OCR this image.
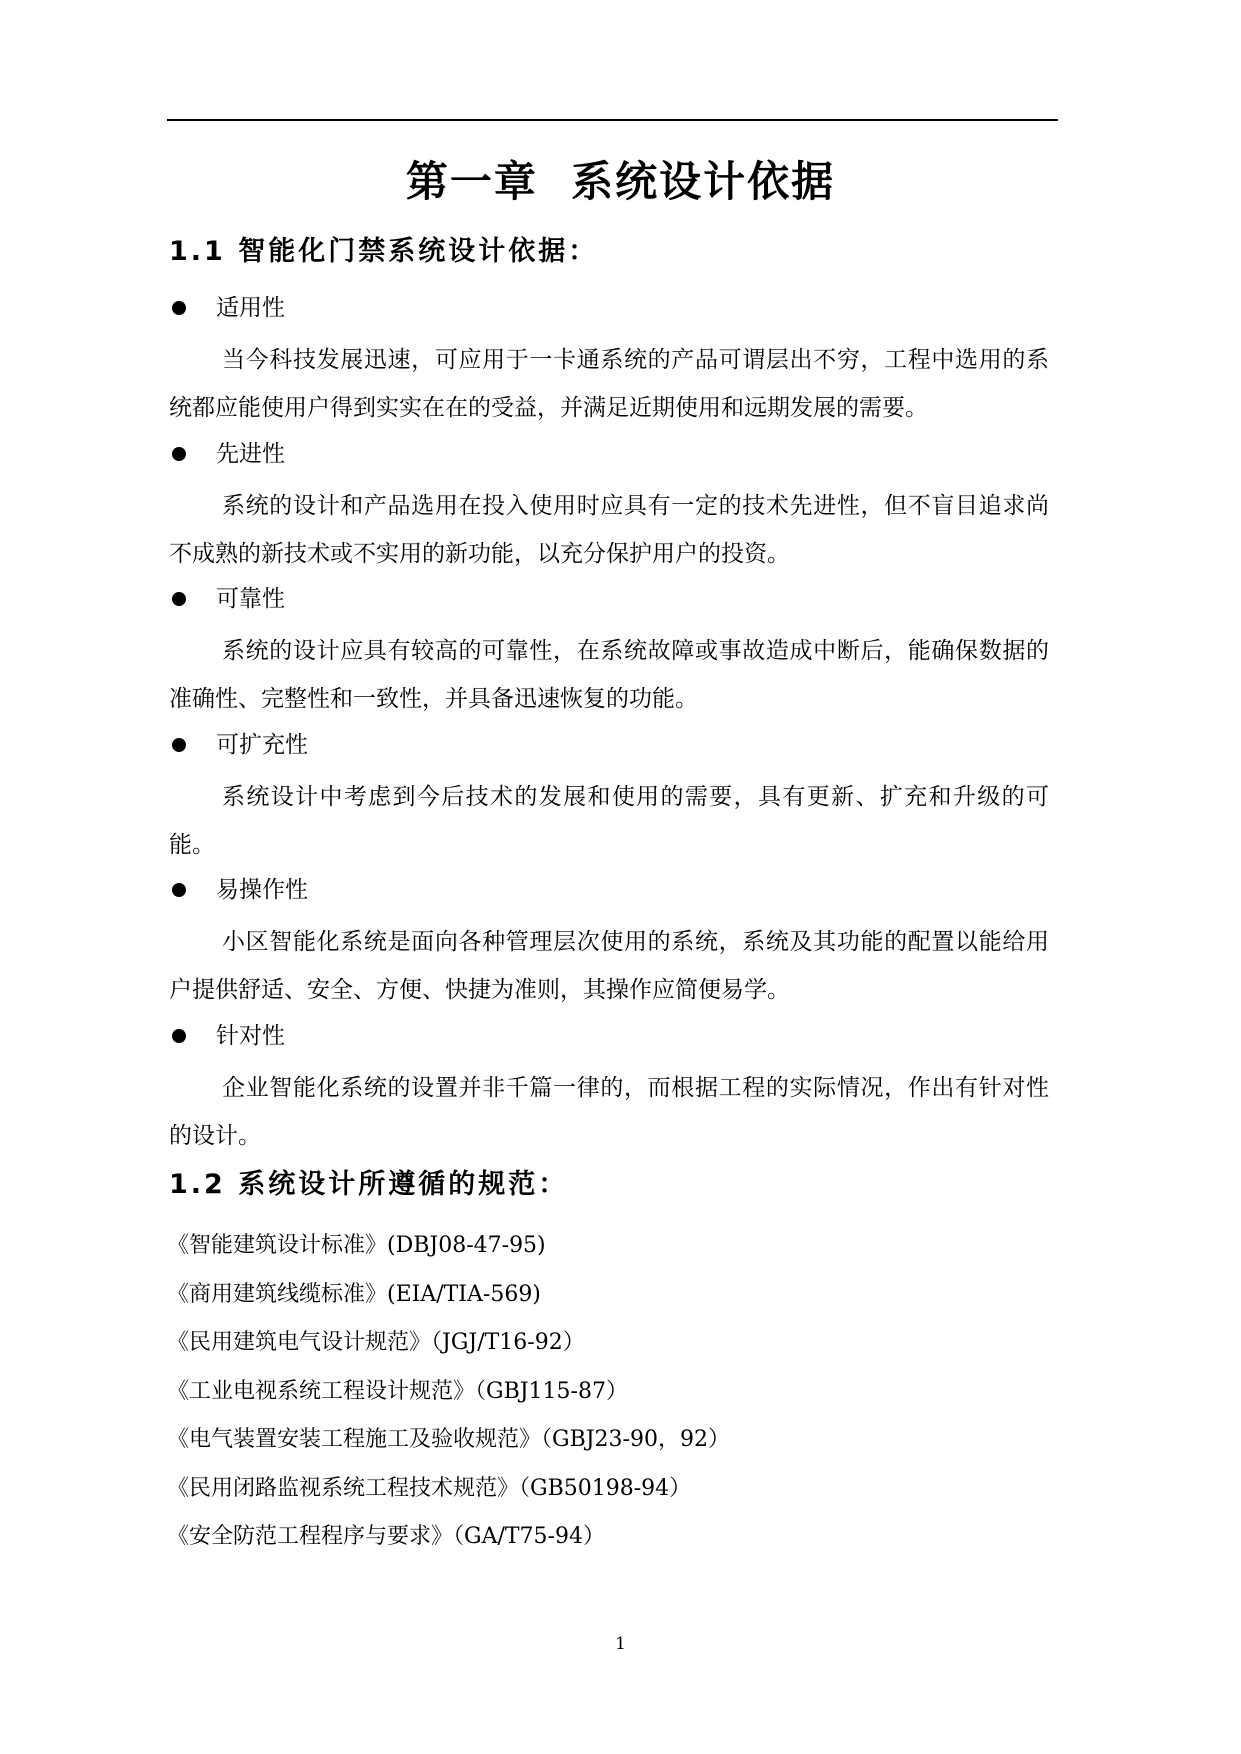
第一章  系统设计依据
1.1 智能化门禁系统设计依据：
适用性

当今科技发展迅速，可应用于一卡通系统的产品可谓层出不穷，工程中选用的系统都应能使用户得到实实在在的受益，并满足近期使用和远期发展的需要。

先进性

系统的设计和产品选用在投入使用时应具有一定的技术先进性，但不盲目追求尚不成熟的新技术或不实用的新功能，以充分保护用户的投资。

可靠性

系统的设计应具有较高的可靠性，在系统故障或事故造成中断后，能确保数据的准确性、完整性和一致性，并具备迅速恢复的功能。

可扩充性

系统设计中考虑到今后技术的发展和使用的需要，具有更新、扩充和升级的可能。

易操作性

小区智能化系统是面向各种管理层次使用的系统，系统及其功能的配置以能给用户提供舒适、安全、方便、快捷为准则，其操作应简便易学。

针对性

企业智能化系统的设置并非千篇一律的，而根据工程的实际情况，作出有针对性的设计。

1.2 系统设计所遵循的规范：
《智能建筑设计标准》(DBJ08-47-95)
《商用建筑线缆标准》(EIA/TIA-569)
《民用建筑电气设计规范》（JGJ/T16-92）
《工业电视系统工程设计规范》（GBJ115-87）
《电气装置安装工程施工及验收规范》（GBJ23-90，92）
《民用闭路监视系统工程技术规范》（GB50198-94）
《安全防范工程程序与要求》（GA/T75-94）
1
